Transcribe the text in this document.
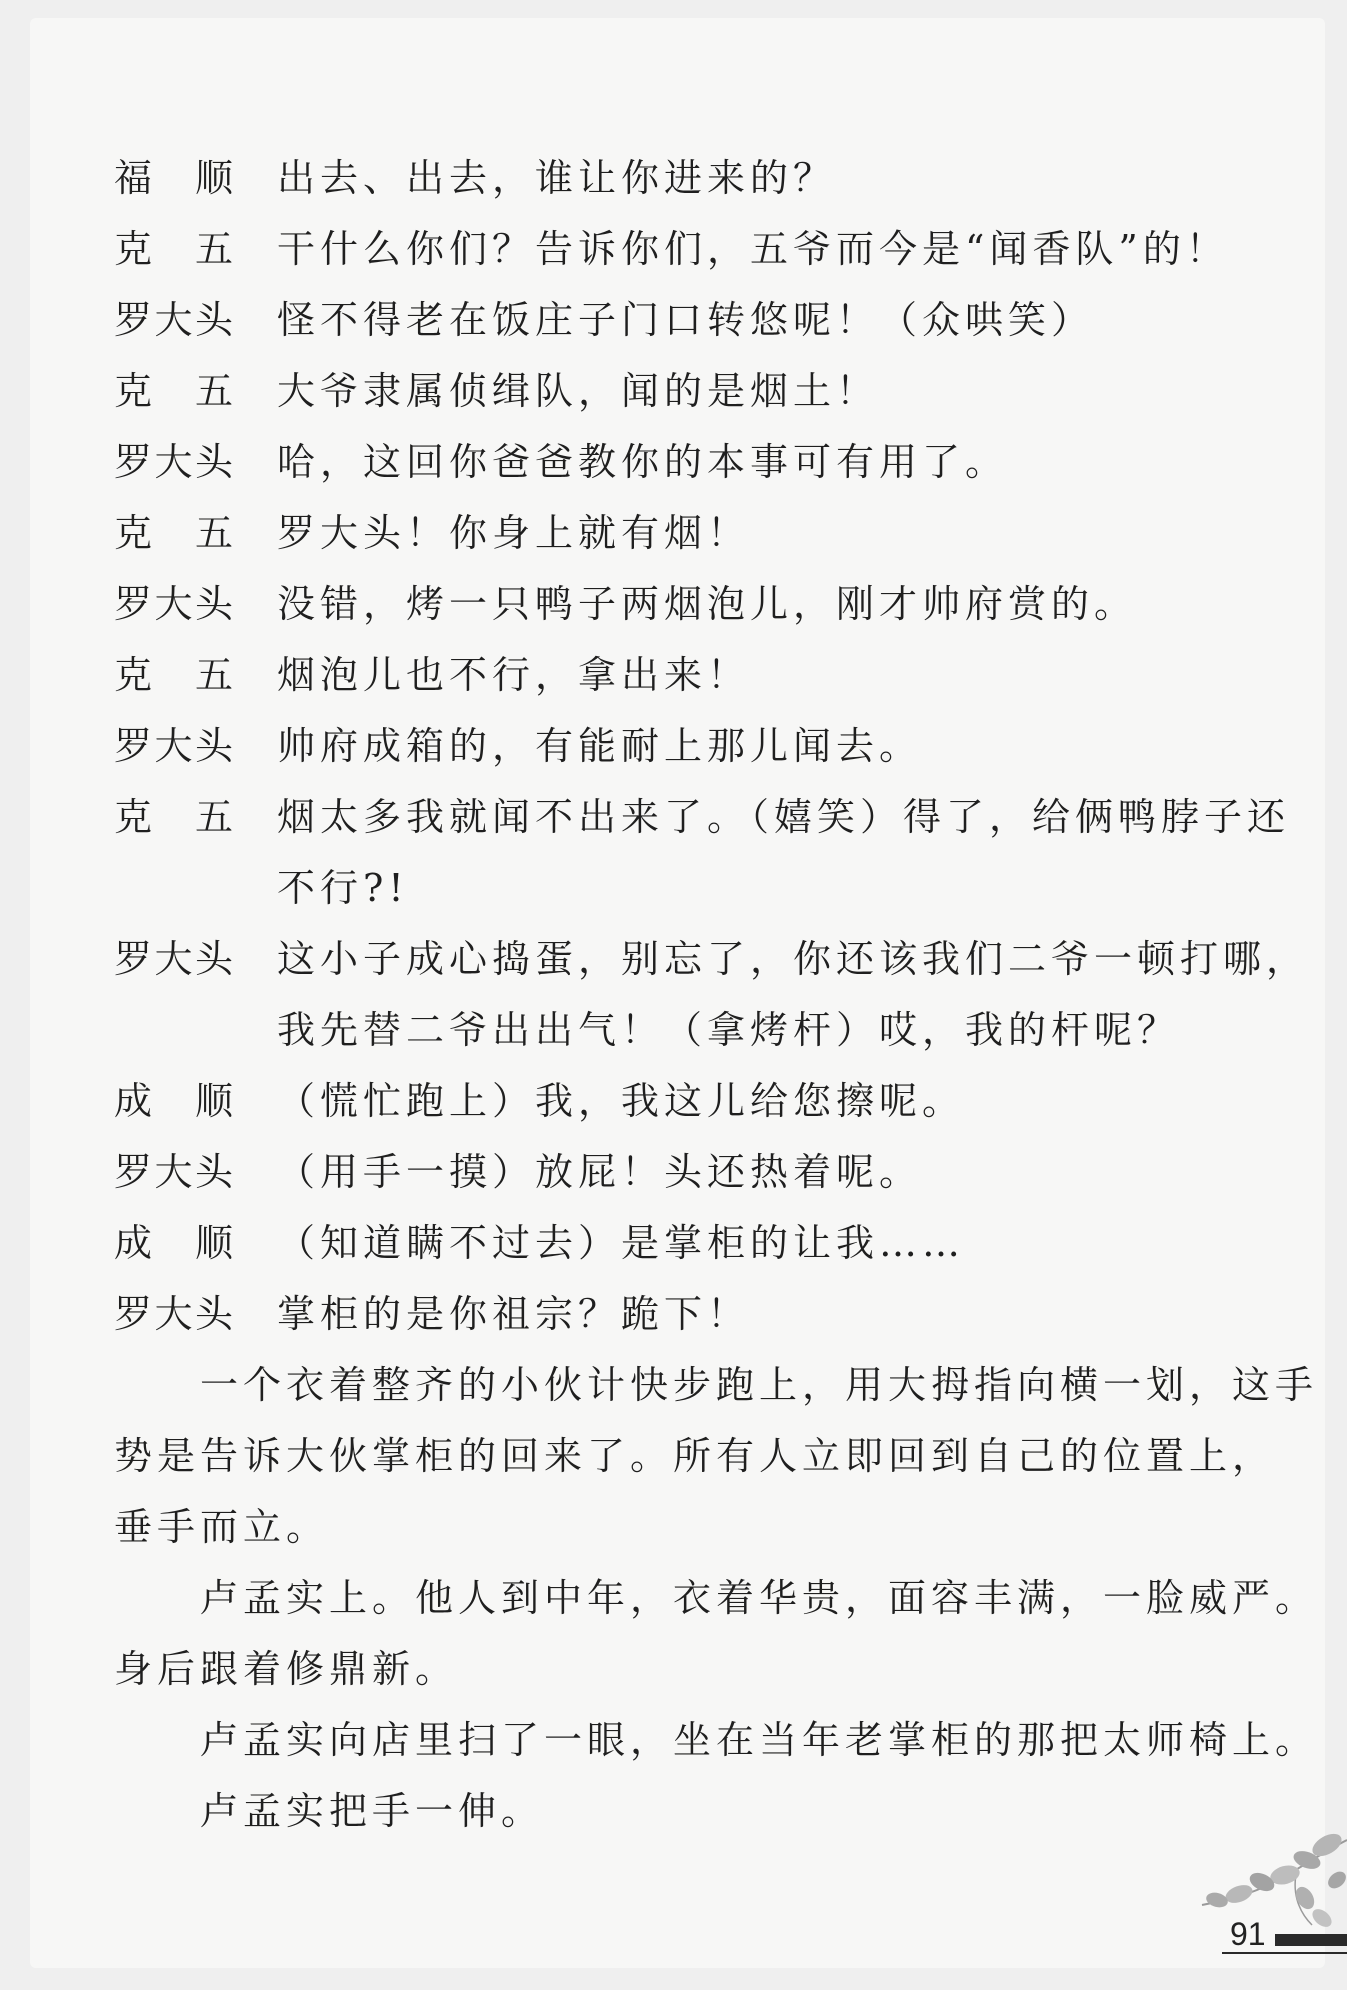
福顺 出去、出去，谁让你进来的？
克五 干什么你们？告诉你们，五爷而今是“闻香队”的！
罗大头 怪不得老在饭庄子门口转悠呢！（众哄笑）
克五 大爷隶属侦缉队，闻的是烟土！
罗大头 哈，这回你爸爸教你的本事可有用了。
克五 罗大头！你身上就有烟！
罗大头 没错，烤一只鸭子两烟泡儿，刚才帅府赏的。
克五 烟泡儿也不行，拿出来！
罗大头 帅府成箱的，有能耐上那儿闻去。
克五 烟太多我就闻不出来了。（嬉笑）得了，给俩鸭脖子还
不行?!
罗大头 这小子成心捣蛋，别忘了，你还该我们二爷一顿打哪，
我先替二爷出出气！（拿烤杆）哎，我的杆呢？
成顺 （慌忙跑上）我，我这儿给您擦呢。
罗大头 （用手一摸）放屁！头还热着呢。
成顺 （知道瞒不过去）是掌柜的让我……
罗大头 掌柜的是你祖宗？跪下！
　　一个衣着整齐的小伙计快步跑上，用大拇指向横一划，这手
势是告诉大伙掌柜的回来了。所有人立即回到自己的位置上，
垂手而立。
　　卢孟实上。他人到中年，衣着华贵，面容丰满，一脸威严。
身后跟着修鼎新。
　　卢孟实向店里扫了一眼，坐在当年老掌柜的那把太师椅上。
　　卢孟实把手一伸。
91
